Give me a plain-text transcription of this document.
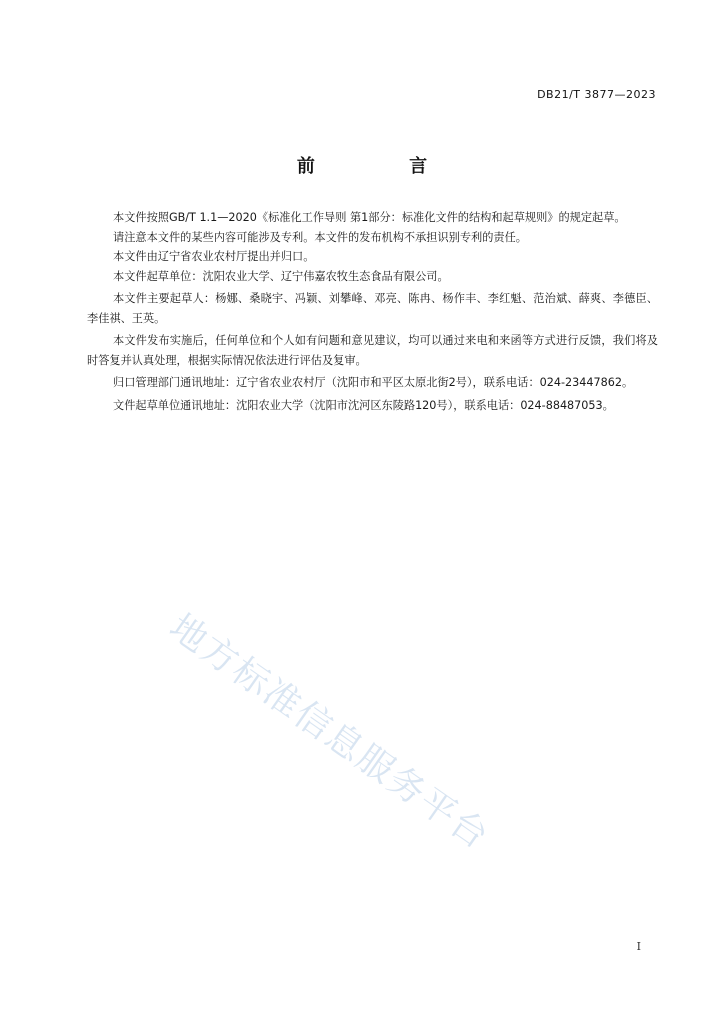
DB21/T 3877—2023
前 言

本文件按照GB/T 1.1—2020《标准化工作导则 第1部分：标准化文件的结构和起草规则》的规定起草。

请注意本文件的某些内容可能涉及专利。本文件的发布机构不承担识别专利的责任。

本文件由辽宁省农业农村厅提出并归口。

本文件起草单位：沈阳农业大学、辽宁伟嘉农牧生态食品有限公司。

本文件主要起草人：杨娜、桑晓宇、冯颖、刘攀峰、邓亮、陈冉、杨作丰、李红魁、范治斌、薛爽、李德臣、李佳祺、王英。

本文件发布实施后，任何单位和个人如有问题和意见建议，均可以通过来电和来函等方式进行反馈，我们将及时答复并认真处理，根据实际情况依法进行评估及复审。

归口管理部门通讯地址：辽宁省农业农村厅（沈阳市和平区太原北街2号），联系电话：024-23447862。

文件起草单位通讯地址：沈阳农业大学（沈阳市沈河区东陵路120号），联系电话：024-88487053。

地方标准信息服务平台
I
